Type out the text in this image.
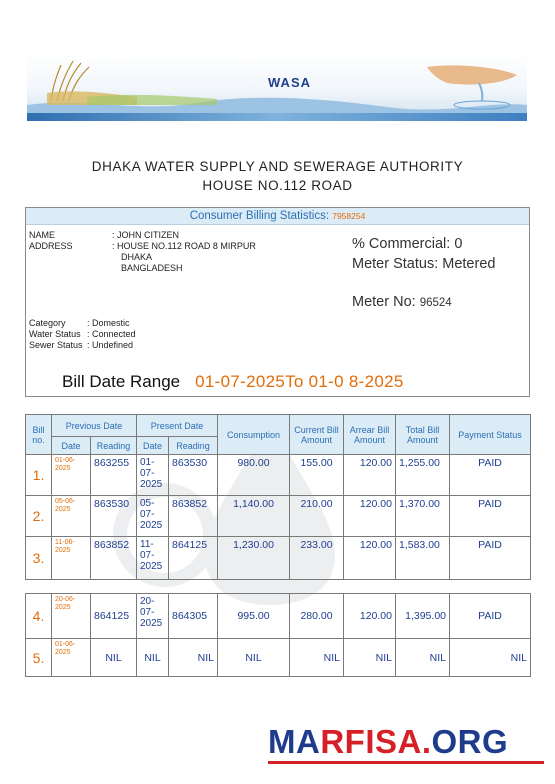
WASA
DHAKA WATER SUPPLY AND SEWERAGE AUTHORITY
HOUSE NO.112 ROAD
Consumer Billing Statistics: 7958254
NAME	: JOHN CITIZEN
ADDRESS	: HOUSE NO.112 ROAD 8 MIRPUR
DHAKA
BANGLADESH
% Commercial: 0
Meter Status: Metered
Meter No: 96524
Category : Domestic
Water Status : Connected
Sewer Status : Undefined
Bill Date Range 01-07-2025To 01-0 8-2025
Bill no.	Previous Date		Present Date		Consumption	Current Bill Amount	Arrear Bill Amount	Total Bill Amount	Payment Status
	Date	Reading	Date	Reading					
1.	01-06-2025	863255	01-07-2025	863530	980.00	155.00	120.00	1,255.00	PAID
2.	05-06-2025	863530	05-07-2025	863852	1,140.00	210.00	120.00	1,370.00	PAID
3.	11-06-2025	863852	11-07-2025	864125	1,230.00	233.00	120.00	1,583.00	PAID
4.	20-06-2025	864125	20-07-2025	864305	995.00	280.00	120.00	1,395.00	PAID
5.	01-06-2025	NIL	NIL	NIL	NIL	NIL	NIL	NIL	NIL
MARFISA.ORG
